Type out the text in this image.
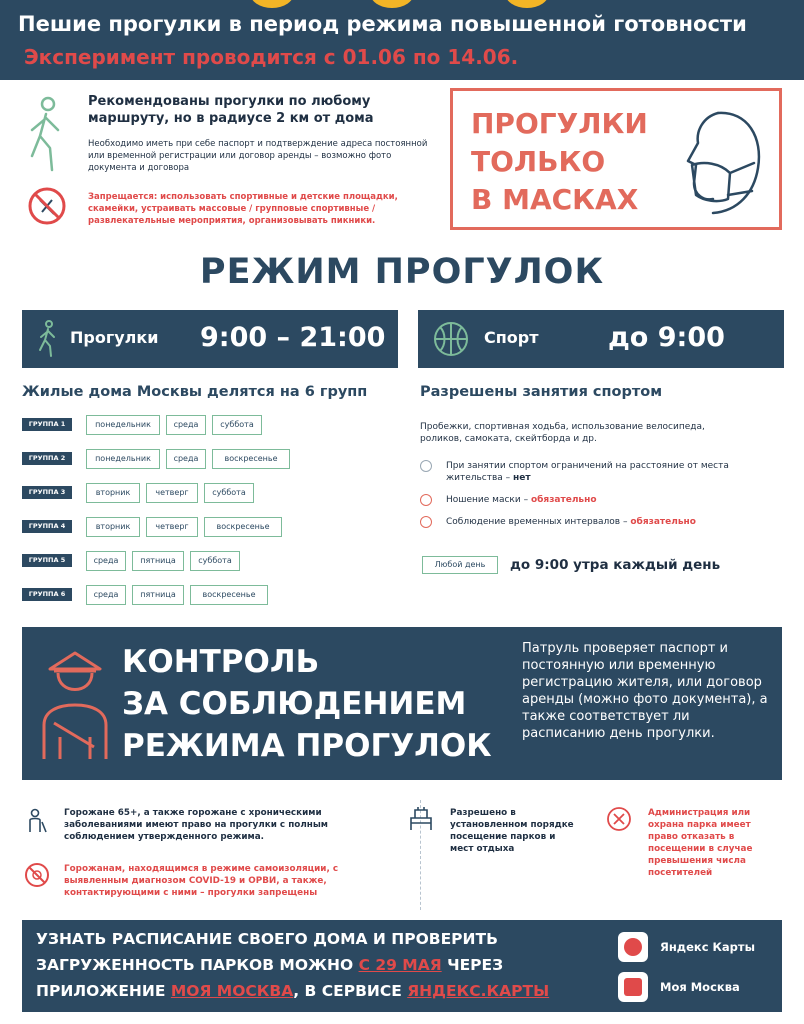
Пешие прогулки в период режима повышенной готовности
Эксперимент проводится с 01.06 по 14.06.
Рекомендованы прогулки по любому маршруту, но в радиусе 2 км от дома
Необходимо иметь при себе паспорт и подтверждение адреса постоянной или временной регистрации или договор аренды – возможно фото документа и договора
Запрещается: использовать спортивные и детские площадки, скамейки, устраивать массовые / групповые спортивные / развлекательные мероприятия, организовывать пикники.
ПРОГУЛКИ
ТОЛЬКО
В МАСКАХ
РЕЖИМ ПРОГУЛОК
Прогулки 9:00 – 21:00	Спорт	до 9:00
Жилые дома Москвы делятся на 6 групп	Разрешены занятия спортом
ГРУППА 1	понедельник	среда	суббота
ГРУППА 2	понедельник	среда	воскресенье
ГРУППА 3	вторник	четверг	суббота
ГРУППА 4	вторник	четверг	воскресенье
ГРУППА 5	среда	пятница	суббота
ГРУППА 6	среда	пятница	воскресенье
Пробежки, спортивная ходьба, использование велосипеда, роликов, самоката, скейтборда и др.
При занятии спортом ограничений на расстояние от места
жительства – нет
Ношение маски – обязательно
Соблюдение временных интервалов – обязательно
Любой день	до 9:00 утра каждый день
КОНТРОЛЬ
ЗА СОБЛЮДЕНИЕМ
РЕЖИМА ПРОГУЛОК
Патруль проверяет паспорт и постоянную или временную регистрацию жителя, или договор аренды (можно фото документа), а также соответствует ли расписанию день прогулки.
Горожане 65+, а также горожане с хроническими заболеваниями имеют право на прогулки с полным соблюдением утвержденного режима.
Горожанам, находящимся в режиме самоизоляции, с выявленным диагнозом COVID-19 и ОРВИ, а также, контактирующими с ними – прогулки запрещены
Разрешено в установленном порядке посещение парков и мест отдыха
Администрация или охрана парка имеет право отказать в посещении в случае превышения числа посетителей
УЗНАТЬ РАСПИСАНИЕ СВОЕГО ДОМА И ПРОВЕРИТЬ
ЗАГРУЖЕННОСТЬ ПАРКОВ МОЖНО С 29 МАЯ ЧЕРЕЗ
ПРИЛОЖЕНИЕ МОЯ МОСКВА, В СЕРВИСЕ ЯНДЕКС.КАРТЫ
Яндекс Карты
Моя Москва
